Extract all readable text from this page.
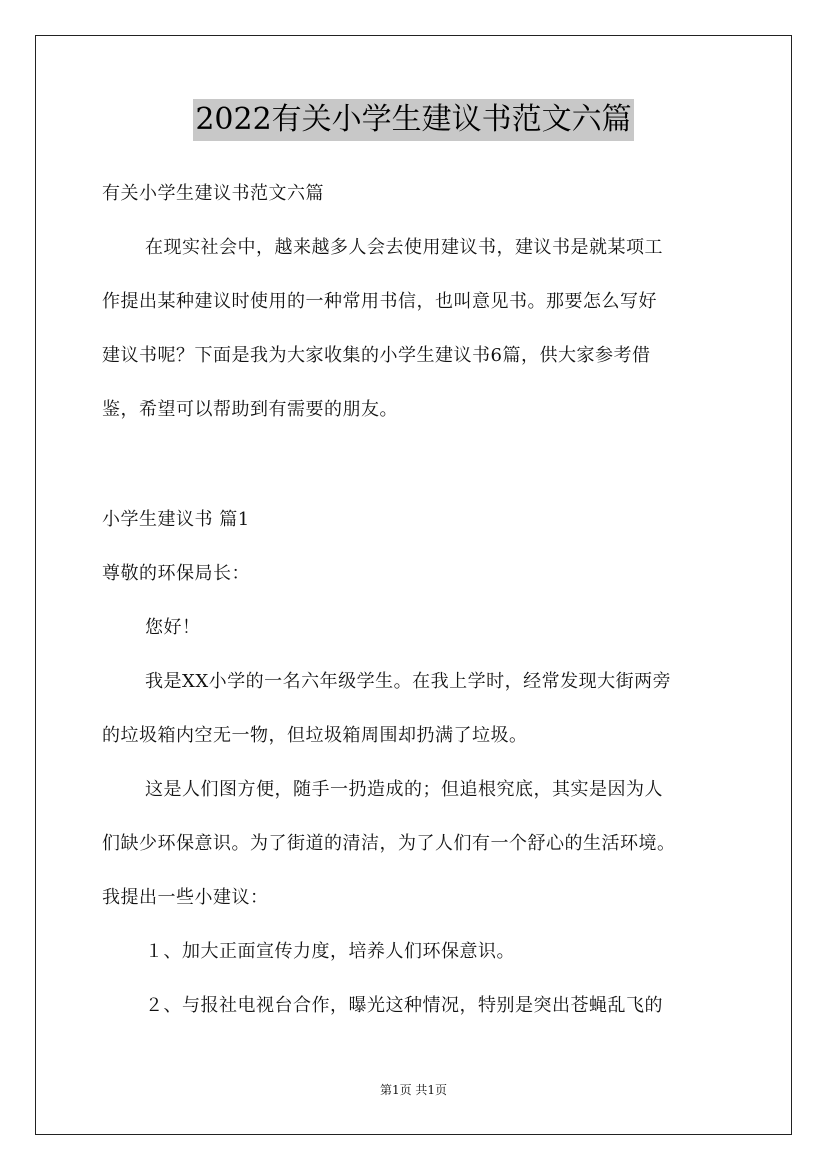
2022有关小学生建议书范文六篇
有关小学生建议书范文六篇
在现实社会中，越来越多人会去使用建议书，建议书是就某项工
作提出某种建议时使用的一种常用书信，也叫意见书。那要怎么写好
建议书呢？下面是我为大家收集的小学生建议书6篇，供大家参考借
鉴，希望可以帮助到有需要的朋友。
小学生建议书 篇1
尊敬的环保局长：
您好！
我是XX小学的一名六年级学生。在我上学时，经常发现大街两旁
的垃圾箱内空无一物，但垃圾箱周围却扔满了垃圾。
这是人们图方便，随手一扔造成的；但追根究底，其实是因为人
们缺少环保意识。为了街道的清洁，为了人们有一个舒心的生活环境。
我提出一些小建议：
１、加大正面宣传力度，培养人们环保意识。
２、与报社电视台合作，曝光这种情况，特别是突出苍蝇乱飞的
第1页 共1页
